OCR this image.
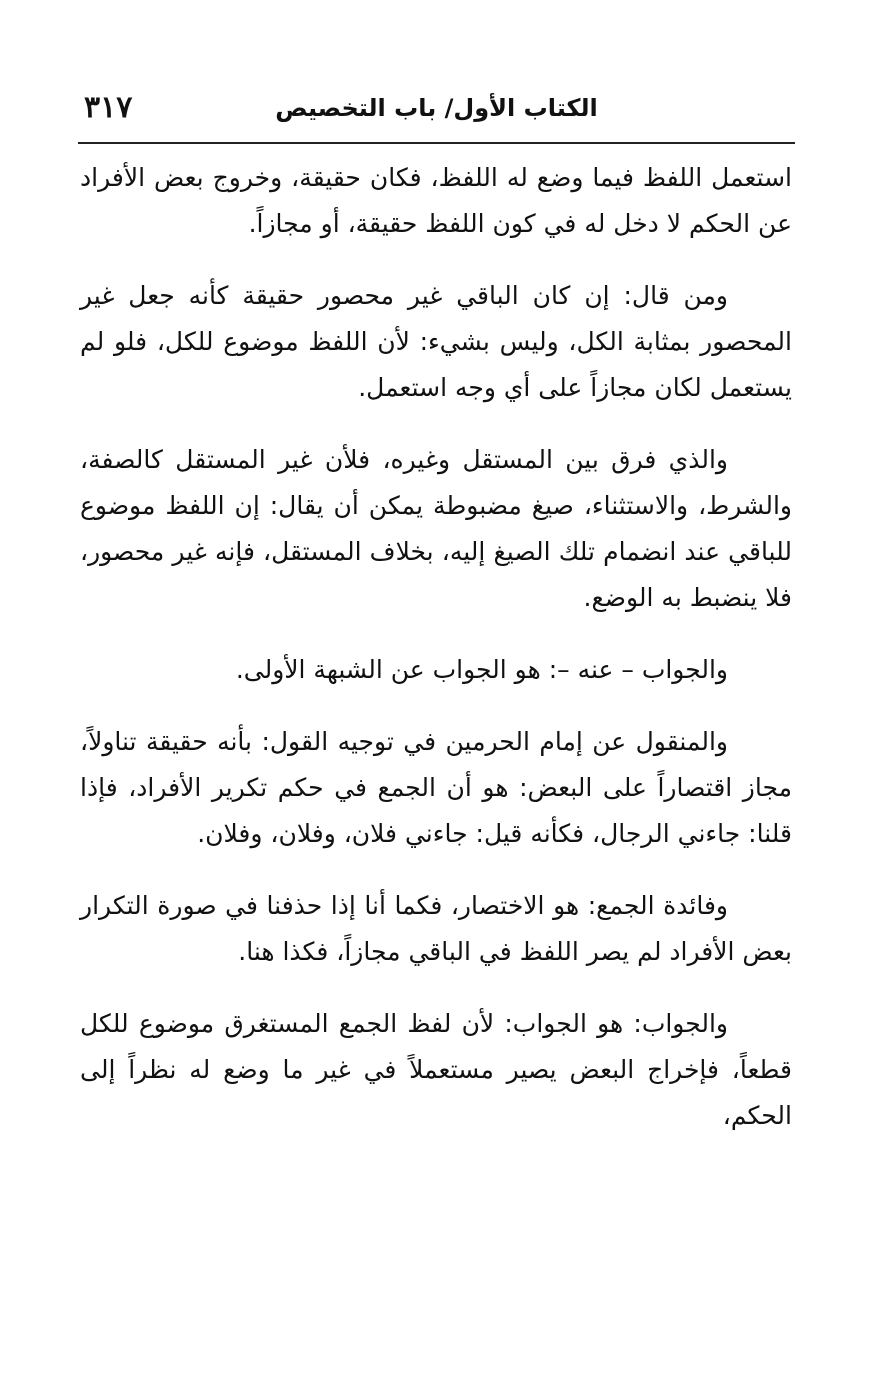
٣١٧	الكتاب الأول/ باب التخصيص

استعمل اللفظ فيما وضع له اللفظ، فكان حقيقة، وخروج بعض الأفراد عن الحكم لا دخل له في كون اللفظ حقيقة، أو مجازاً.

ومن قال: إن كان الباقي غير محصور حقيقة كأنه جعل غير المحصور بمثابة الكل، وليس بشيء: لأن اللفظ موضوع للكل، فلو لم يستعمل لكان مجازاً على أي وجه استعمل.

والذي فرق بين المستقل وغيره، فلأن غير المستقل كالصفة، والشرط، والاستثناء، صيغ مضبوطة يمكن أن يقال: إن اللفظ موضوع للباقي عند انضمام تلك الصيغ إليه، بخلاف المستقل، فإنه غير محصور، فلا ينضبط به الوضع.

والجواب – عنه –: هو الجواب عن الشبهة الأولى.

والمنقول عن إمام الحرمين في توجيه القول: بأنه حقيقة تناولاً، مجاز اقتصاراً على البعض: هو أن الجمع في حكم تكرير الأفراد، فإذا قلنا: جاءني الرجال، فكأنه قيل: جاءني فلان، وفلان، وفلان.

وفائدة الجمع: هو الاختصار، فكما أنا إذا حذفنا في صورة التكرار بعض الأفراد لم يصر اللفظ في الباقي مجازاً، فكذا هنا.

والجواب: هو الجواب: لأن لفظ الجمع المستغرق موضوع للكل قطعاً، فإخراج البعض يصير مستعملاً في غير ما وضع له نظراً إلى الحكم،
